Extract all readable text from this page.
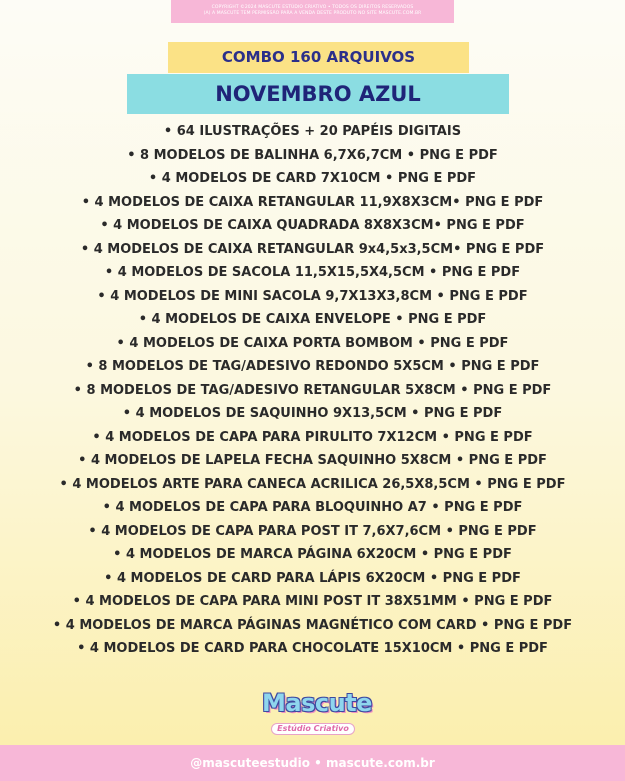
COPYRIGHT ©2024 MASCUTE ESTÚDIO CRIATIVO • TODOS OS DIREITOS RESERVADOS
(A) A MASCUTE TEM PERMISSÃO PARA A VENDA DESTE PRODUTO NO SITE MASCUTE.COM.BR
COMBO 160 ARQUIVOS
NOVEMBRO AZUL
• 64 ILUSTRAÇÕES + 20 PAPÉIS DIGITAIS
• 8 MODELOS DE BALINHA 6,7X6,7CM • PNG E PDF
• 4 MODELOS DE CARD 7X10CM • PNG E PDF
• 4 MODELOS DE CAIXA RETANGULAR 11,9X8X3CM• PNG E PDF
• 4 MODELOS DE CAIXA QUADRADA 8X8X3CM• PNG E PDF
• 4 MODELOS DE CAIXA RETANGULAR 9x4,5x3,5CM• PNG E PDF
• 4 MODELOS DE SACOLA 11,5X15,5X4,5CM • PNG E PDF
• 4 MODELOS DE MINI SACOLA 9,7X13X3,8CM • PNG E PDF
• 4 MODELOS DE CAIXA ENVELOPE • PNG E PDF
• 4 MODELOS DE CAIXA PORTA BOMBOM • PNG E PDF
• 8 MODELOS DE TAG/ADESIVO REDONDO 5X5CM • PNG E PDF
• 8 MODELOS DE TAG/ADESIVO RETANGULAR 5X8CM • PNG E PDF
• 4 MODELOS DE SAQUINHO 9X13,5CM • PNG E PDF
• 4 MODELOS DE CAPA PARA PIRULITO 7X12CM • PNG E PDF
• 4 MODELOS DE LAPELA FECHA SAQUINHO 5X8CM • PNG E PDF
• 4 MODELOS ARTE PARA CANECA ACRILICA 26,5X8,5CM • PNG E PDF
• 4 MODELOS DE CAPA PARA BLOQUINHO A7 • PNG E PDF
• 4 MODELOS DE CAPA PARA POST IT 7,6X7,6CM • PNG E PDF
• 4 MODELOS DE MARCA PÁGINA 6X20CM • PNG E PDF
• 4 MODELOS DE CARD PARA LÁPIS 6X20CM • PNG E PDF
• 4 MODELOS DE CAPA PARA MINI POST IT 38X51MM • PNG E PDF
• 4 MODELOS DE MARCA PÁGINAS MAGNÉTICO COM CARD • PNG E PDF
• 4 MODELOS DE CARD PARA CHOCOLATE 15X10CM • PNG E PDF
Mascute
Estúdio Criativo
@mascuteestudio • mascute.com.br
